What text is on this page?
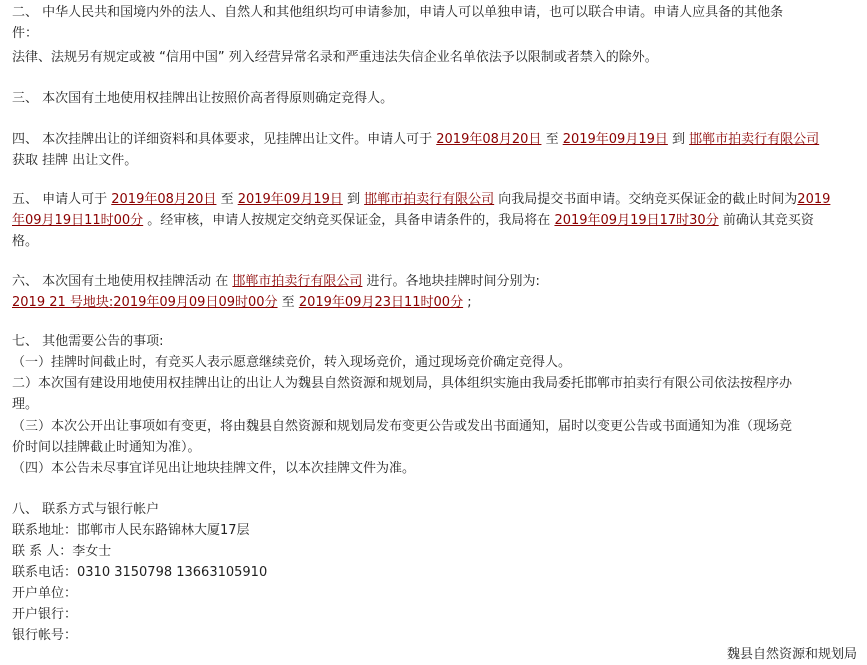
二、 中华人民共和国境内外的法人、自然人和其他组织均可申请参加，申请人可以单独申请，也可以联合申请。申请人应具备的其他条
件：
法律、法规另有规定或被 “信用中国” 列入经营异常名录和严重违法失信企业名单依法予以限制或者禁入的除外。
三、 本次国有土地使用权挂牌出让按照价高者得原则确定竞得人。
四、 本次挂牌出让的详细资料和具体要求，见挂牌出让文件。申请人可于 2019年08月20日 至 2019年09月19日 到 邯郸市拍卖行有限公司
获取 挂牌 出让文件。
五、 申请人可于 2019年08月20日 至 2019年09月19日 到 邯郸市拍卖行有限公司 向我局提交书面申请。交纳竞买保证金的截止时间为2019
年09月19日11时00分 。经审核，申请人按规定交纳竞买保证金，具备申请条件的，我局将在 2019年09月19日17时30分 前确认其竞买资
格。
六、 本次国有土地使用权挂牌活动 在 邯郸市拍卖行有限公司 进行。各地块挂牌时间分别为:
2019 21 号地块:2019年09月09日09时00分 至 2019年09月23日11时00分 ;
七、 其他需要公告的事项:
（一）挂牌时间截止时，有竞买人表示愿意继续竞价，转入现场竞价，通过现场竞价确定竞得人。
二）本次国有建设用地使用权挂牌出让的出让人为魏县自然资源和规划局，具体组织实施由我局委托邯郸市拍卖行有限公司依法按程序办
理。
（三）本次公开出让事项如有变更，将由魏县自然资源和规划局发布变更公告或发出书面通知，届时以变更公告或书面通知为准（现场竞
价时间以挂牌截止时通知为准）。
（四）本公告未尽事宜详见出让地块挂牌文件，以本次挂牌文件为准。
八、 联系方式与银行帐户
联系地址：邯郸市人民东路锦林大厦17层
联 系 人：李女士
联系电话：0310 3150798 13663105910
开户单位：
开户银行：
银行帐号：
魏县自然资源和规划局
